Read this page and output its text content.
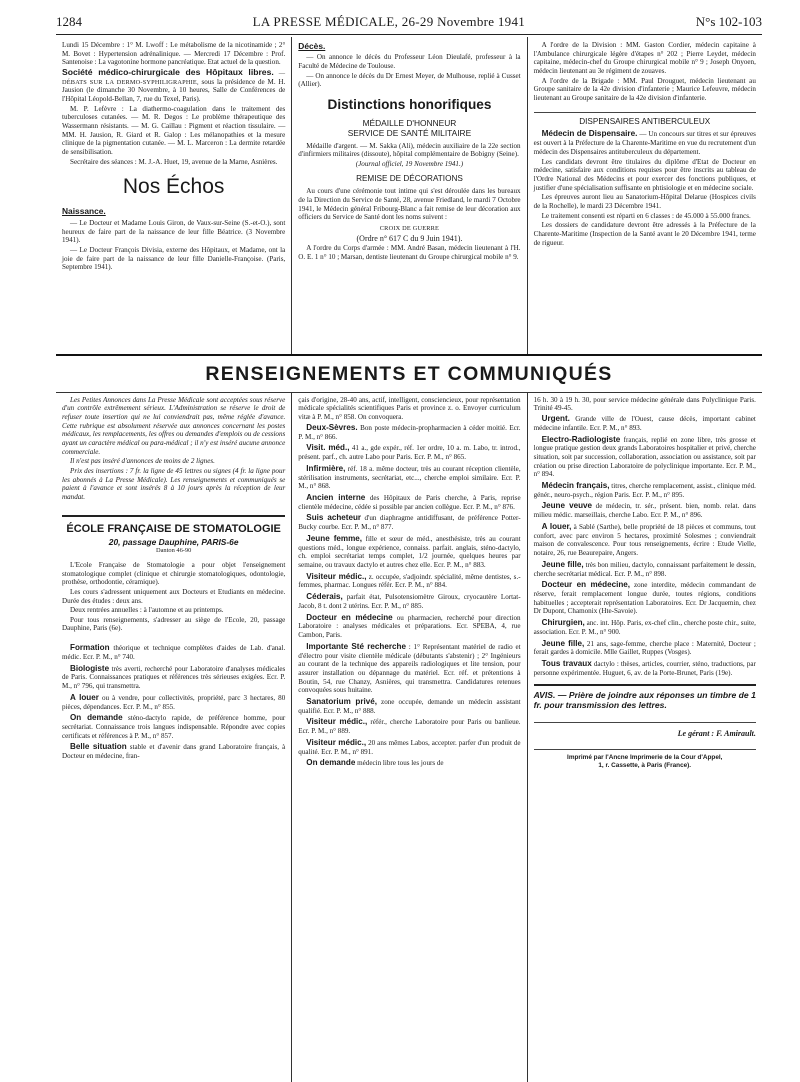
1284	LA PRESSE MÉDICALE, 26-29 Novembre 1941	N°s 102-103

Lundi 15 Décembre : 1° M. Lwoff : Le métabolisme de la nicotinamide ; 2° M. Bovet : Hypertension adrénalinique. — Mercredi 17 Décembre : Prof. Santenoise : La vagotonine hormone pancréatique. Etat actuel de la question.

Société médico-chirurgicale des Hôpitaux libres. — DÉBATS SUR LA DERMO-SYPHILIGRAPHIE, sous la présidence de M. H. Jausion (le dimanche 30 Novembre, à 10 heures, Salle de Conférences de l'Hôpital Léopold-Bellan, 7, rue du Texel, Paris).

M. P. Lefèvre : La diathermo-coagulation dans le traitement des tuberculoses cutanées. — M. R. Degos : Le problème thérapeutique des Wassermann résistants. — M. G. Caillau : Pigment et réaction tissulaire. — MM. H. Jausion, R. Giard et R. Galop : Les mélanopathies et la mesure clinique de la pigmentation cutanée. — M. L. Marceron : La dermite retardée de sensibilisation.

Secrétaire des séances : M. J.-A. Huet, 19, avenue de la Marne, Asnières.

Nos Échos
Naissance.

— Le Docteur et Madame Louis Giron, de Vaux-sur-Seine (S.-et-O.), sont heureux de faire part de la naissance de leur fille Béatrice. (3 Novembre 1941).

— Le Docteur François Divisia, externe des Hôpitaux, et Madame, ont la joie de faire part de la naissance de leur fille Danielle-Françoise. (Paris, Septembre 1941).

Décès.

— On annonce le décès du Professeur Léon Dieulafé, professeur à la Faculté de Médecine de Toulouse.

— On annonce le décès du Dr Ernest Meyer, de Mulhouse, replié à Cusset (Allier).

Distinctions honorifiques
MÉDAILLE D'HONNEUR
SERVICE DE SANTÉ MILITAIRE

Médaille d'argent. — M. Sakka (Ali), médecin auxiliaire de la 22e section d'infirmiers militaires (dissoute), hôpital complémentaire de Bobigny (Seine).

(Journal officiel, 19 Novembre 1941.)

REMISE DE DÉCORATIONS

Au cours d'une cérémonie tout intime qui s'est déroulée dans les bureaux de la Direction du Service de Santé, 28, avenue Friedland, le mardi 7 Octobre 1941, le Médecin général Fribourg-Blanc a fait remise de leur décoration aux officiers du Service de Santé dont les noms suivent :

CROIX DE GUERRE

(Ordre n° 617 C du 9 Juin 1941).

A l'ordre du Corps d'armée : MM. André Basan, médecin lieutenant à l'H. O. E. 1 n° 10 ; Marsan, dentiste lieutenant du Groupe chirurgical mobile n° 9.

A l'ordre de la Division : MM. Gaston Cordier, médecin capitaine à l'Ambulance chirurgicale légère d'étapes n° 202 ; Pierre Leydet, médecin capitaine, médecin-chef du Groupe chirurgical mobile n° 9 ; Joseph Onyoen, médecin lieutenant au 3e régiment de zouaves.

A l'ordre de la Brigade : MM. Paul Drouguet, médecin lieutenant au Groupe sanitaire de la 42e division d'infanterie ; Maurice Lefeuvre, médecin lieutenant au Groupe sanitaire de la 42e division d'infanterie.

DISPENSAIRES ANTIBERCULEUX

Médecin de Dispensaire. — Un concours sur titres et sur épreuves est ouvert à la Préfecture de la Charente-Maritime en vue du recrutement d'un médecin des Dispensaires antituberculeux du département.

Les candidats devront être titulaires du diplôme d'Etat de Docteur en médecine, satisfaire aux conditions requises pour être inscrits au tableau de l'Ordre National des Médecins et pour exercer des fonctions publiques, et justifier d'une spécialisation suffisante en phtisiologie et en médecine sociale.

Les épreuves auront lieu au Sanatorium-Hôpital Delarue (Hospices civils de la Rochelle), le mardi 23 Décembre 1941.

Le traitement consenti est réparti en 6 classes : de 45.000 à 55.000 francs.

Les dossiers de candidature devront être adressés à la Préfecture de la Charente-Maritime (Inspection de la Santé avant le 20 Décembre 1941, terme de rigueur.

RENSEIGNEMENTS ET COMMUNIQUÉS

Les Petites Annonces dans La Presse Médicale sont acceptées sous réserve d'un contrôle extrêmement sérieux. L'Administration se réserve le droit de refuser toute insertion qui ne lui conviendrait pas, même réglée d'avance. Cette rubrique est absolument réservée aux annonces concernant les postes médicaux, les remplacements, les offres ou demandes d'emplois ou de cessions ayant un caractère médical ou para-médical ; il n'y est inséré aucune annonce commerciale.

Il n'est pas inséré d'annonces de moins de 2 lignes.

Prix des insertions : 7 fr. la ligne de 45 lettres ou signes (4 fr. la ligne pour les abonnés à La Presse Médicale). Les renseignements et communiqués se paient à l'avance et sont insérés 8 à 10 jours après la réception de leur mandat.

ÉCOLE FRANÇAISE DE STOMATOLOGIE
20, passage Dauphine, PARIS-6e
Danton 46-90

L'Ecole Française de Stomatologie a pour objet l'enseignement stomatologique complet (clinique et chirurgie stomatologiques, odontologie, prothèse, orthodontie, céramique).

Les cours s'adressent uniquement aux Docteurs et Etudiants en médecine. Durée des études : deux ans.

Deux rentrées annuelles : à l'automne et au printemps.

Pour tous renseignements, s'adresser au siège de l'Ecole, 20, passage Dauphine, Paris (6e).

Formation théorique et technique complètes d'aides de Lab. d'anal. médic. Ecr. P. M., n° 740.

Biologiste très averti, recherché pour Laboratoire d'analyses médicales de Paris. Connaissances pratiques et références très sérieuses exigées. Ecr. P. M., n° 796, qui transmettra.

A louer ou à vendre, pour collectivités, propriété, parc 3 hectares, 80 pièces, dépendances. Ecr. P. M., n° 855.

On demande sténo-dactylo rapide, de préférence homme, pour secrétariat. Connaissance trois langues indispensable. Répondre avec copies certificats et références à P. M., n° 857.

Belle situation stable et d'avenir dans grand Laboratoire français, à Docteur en médecine, fran-

çais d'origine, 28-40 ans, actif, intelligent, consciencieux, pour représentation médicale spécialités scientifiques Paris et province z. o. Envoyer curriculum vitæ à P. M., n° 858. On convoquera.

Deux-Sèvres. Bon poste médecin-propharmacien à céder moitié. Ecr. P. M., n° 866.

Visit. méd., 41 a., gde expér., réf. 1er ordre, 10 a. m. Labo, tr. introd., présent. parf., ch. autre Labo pour Paris. Ecr. P. M., n° 865.

Infirmière, réf. 18 a. même docteur, très au courant réception clientèle, stérilisation instruments, secrétariat, etc..., cherche emploi similaire. Ecr. P. M., n° 868.

Ancien interne des Hôpitaux de Paris cherche, à Paris, reprise clientèle médecine, cédée si possible par ancien collègue. Ecr. P. M., n° 876.

Suis acheteur d'un diaphragme antidiffusant, de préférence Potter-Bucky courbe. Ecr. P. M., n° 877.

Jeune femme, fille et sœur de méd., anesthésiste, très au courant questions méd., longue expérience, connaiss. parfait. anglais, sténo-dactylo, ch. emploi secrétariat temps complet, 1/2 journée, quelques heures par semaine, ou travaux dactylo et autres chez elle. Ecr. P. M., n° 883.

Visiteur médic., z. occupée, s'adjoindr. spécialité, même dentistes, s.-femmes, pharmac. Longues référ. Ecr. P. M., n° 884.

Céderais, parfait état, Pulsotensiomètre Giroux, cryocautère Lortat-Jacob, 8 t. dont 2 utérins. Ecr. P. M., n° 885.

Docteur en médecine ou pharmacien, recherché pour direction Laboratoire : analyses médicales et préparations. Ecr. SPEBA, 4, rue Cambon, Paris.

Importante Sté recherche : 1° Représentant matériel de radio et d'électro pour visite clientèle médicale (débutants s'abstenir) ; 2° Ingénieurs au courant de la technique des appareils radiologiques et lite tension, pour assurer installation ou dépannage du matériel. Ecr. réf. et prétentions à Boutin, 54, rue Chanzy, Asnières, qui transmettra. Candidatures retenues convoquées sous huitaine.

Sanatorium privé, zone occupée, demande un médecin assistant qualifié. Ecr. P. M., n° 888.

Visiteur médic., référ., cherche Laboratoire pour Paris ou banlieue. Ecr. P. M., n° 889.

Visiteur médic., 20 ans mêmes Labos, accepter. parfer d'un produit de qualité. Ecr. P. M., n° 891.

On demande médecin libre tous les jours de

16 h. 30 à 19 h. 30, pour service médecine générale dans Polyclinique Paris. Trinité 49-45.

Urgent. Grande ville de l'Ouest, cause décès, important cabinet médecine infantile. Ecr. P. M., n° 893.

Electro-Radiologiste français, replié en zone libre, très grosse et longue pratique gestion deux grands Laboratoires hospitalier et privé, cherche situation, soit par succession, collaboration, association ou assistance, soit par création ou prise direction Laboratoire de polyclinique importante. Ecr. P. M., n° 894.

Médecin français, titres, cherche remplacement, assist., clinique méd. génér., neuro-psych., région Paris. Ecr. P. M., n° 895.

Jeune veuve de médecin, tr. sér., présent. bien, nomb. relat. dans milieu médic. marseillais, cherche Labo. Ecr. P. M., n° 896.

A louer, à Sablé (Sarthe), belle propriété de 18 pièces et communs, tout confort, avec parc environ 5 hectares, proximité Solesmes ; conviendrait maison de convalescence. Pour tous renseignements, écrire : Etude Vielle, notaire, 26, rue Beaurepaire, Angers.

Jeune fille, très bon milieu, dactylo, connaissant parfaitement le dessin, cherche secrétariat médical. Ecr. P. M., n° 898.

Docteur en médecine, zone interdite, médecin commandant de réserve, ferait remplacement longue durée, toutes régions, conditions habituelles ; accepterait représentation Laboratoires. Ecr. Dr Jacquemin, chez Dr Dupont, Chamonix (Hte-Savoie).

Chirurgien, anc. int. Hôp. Paris, ex-chef clin., cherche poste chir., suite, association. Ecr. P. M., n° 900.

Jeune fille, 21 ans, sage-femme, cherche place : Maternité, Docteur ; ferait gardes à domicile. Mlle Gaillet, Ruppes (Vosges).

Tous travaux dactylo : thèses, articles, courrier, sténo, traductions, par personne expérimentée. Huguet, 6, av. de la Porte-Brunet, Paris (19e).

AVIS. — Prière de joindre aux réponses un timbre de 1 fr. pour transmission des lettres.
Le gérant : F. Amirault.
Imprimé par l'Ancne Imprimerie de la Cour d'Appel,
1, r. Cassette, à Paris (France).
